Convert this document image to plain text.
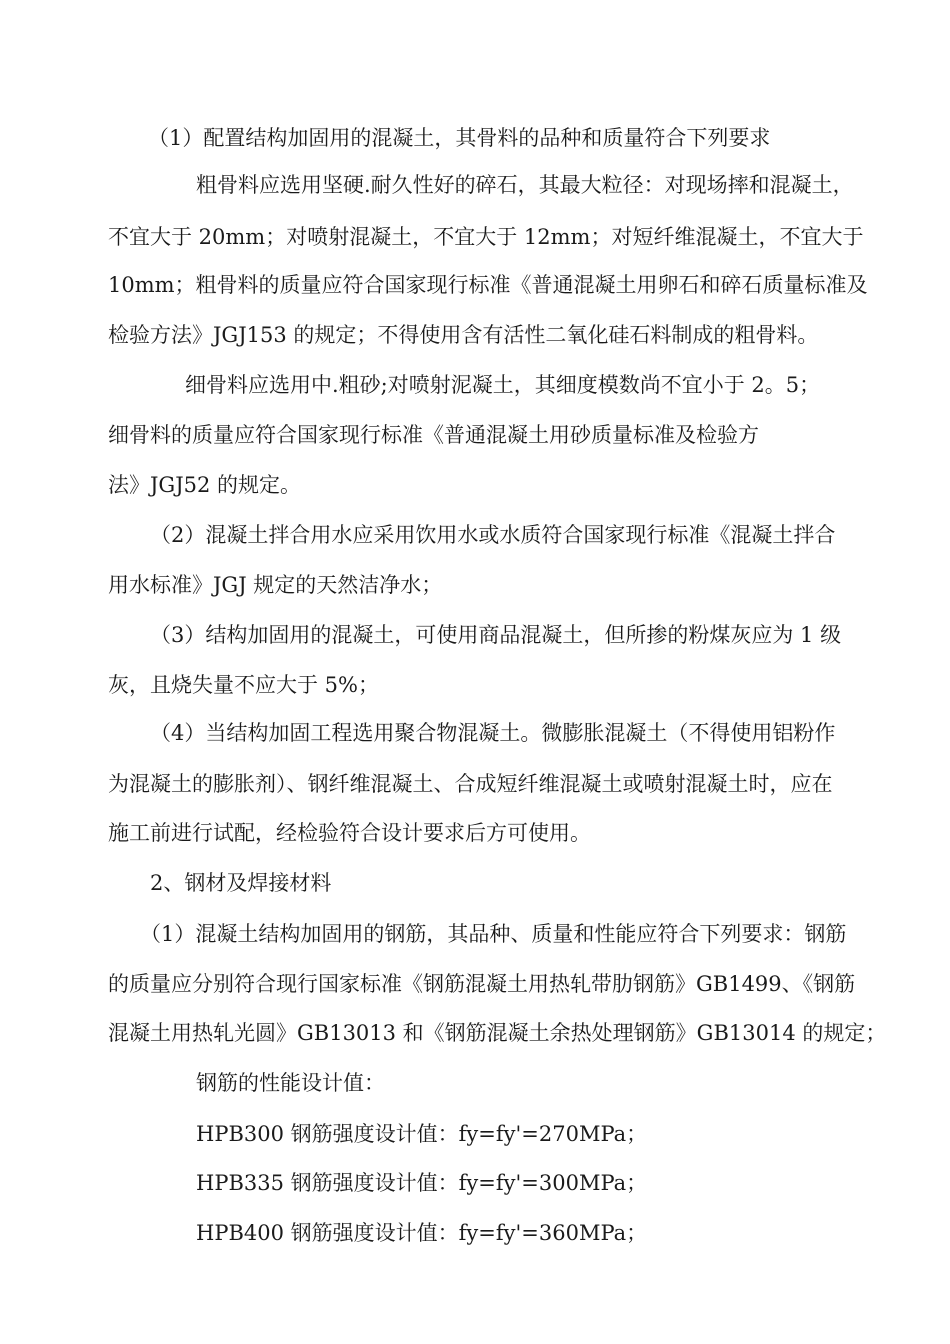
（1）配置结构加固用的混凝土，其骨料的品种和质量符合下列要求
粗骨料应选用坚硬.耐久性好的碎石，其最大粒径：对现场摔和混凝土，
不宜大于 20mm；对喷射混凝土，不宜大于 12mm；对短纤维混凝土，不宜大于
10mm；粗骨料的质量应符合国家现行标准《普通混凝土用卵石和碎石质量标准及
检验方法》JGJ153 的规定；不得使用含有活性二氧化硅石料制成的粗骨料。
细骨料应选用中.粗砂;对喷射泥凝土，其细度模数尚不宜小于 2。5；
细骨料的质量应符合国家现行标准《普通混凝土用砂质量标准及检验方
法》JGJ52 的规定。
（2）混凝土拌合用水应采用饮用水或水质符合国家现行标准《混凝土拌合
用水标准》JGJ 规定的天然洁净水；
（3）结构加固用的混凝土，可使用商品混凝土，但所掺的粉煤灰应为 1 级
灰，且烧失量不应大于 5%；
（4）当结构加固工程选用聚合物混凝土。微膨胀混凝土（不得使用铝粉作
为混凝土的膨胀剂）、钢纤维混凝土、合成短纤维混凝土或喷射混凝土时，应在
施工前进行试配，经检验符合设计要求后方可使用。
2、钢材及焊接材料
（1）混凝土结构加固用的钢筋，其品种、质量和性能应符合下列要求：钢筋
的质量应分别符合现行国家标准《钢筋混凝土用热轧带肋钢筋》GB1499、《钢筋
混凝土用热轧光圆》GB13013 和《钢筋混凝土余热处理钢筋》GB13014 的规定；
钢筋的性能设计值：
HPB300 钢筋强度设计值：fy=fy'=270MPa；
HPB335 钢筋强度设计值：fy=fy'=300MPa；
HPB400 钢筋强度设计值：fy=fy'=360MPa；
